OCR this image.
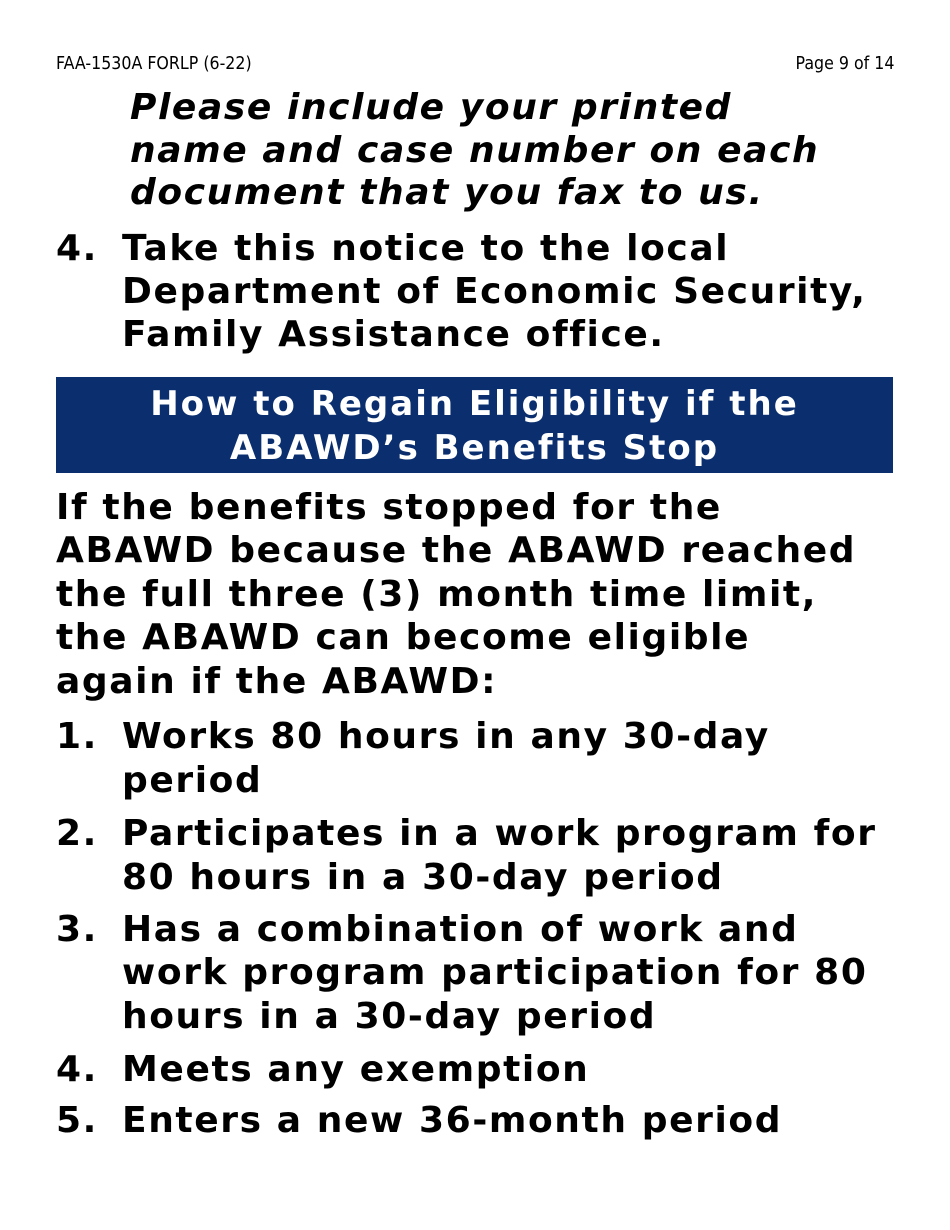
FAA-1530A FORLP (6-22)	Page 9 of 14
Please include your printed
name and case number on each
document that you fax to us.
4. Take this notice to the local
Department of Economic Security,
Family Assistance office.
How to Regain Eligibility if the
ABAWD’s Benefits Stop
If the benefits stopped for the
ABAWD because the ABAWD reached
the full three (3) month time limit,
the ABAWD can become eligible
again if the ABAWD:
1. Works 80 hours in any 30-day
period
2. Participates in a work program for
80 hours in a 30-day period
3. Has a combination of work and
work program participation for 80
hours in a 30-day period
4. Meets any exemption
5. Enters a new 36-month period
